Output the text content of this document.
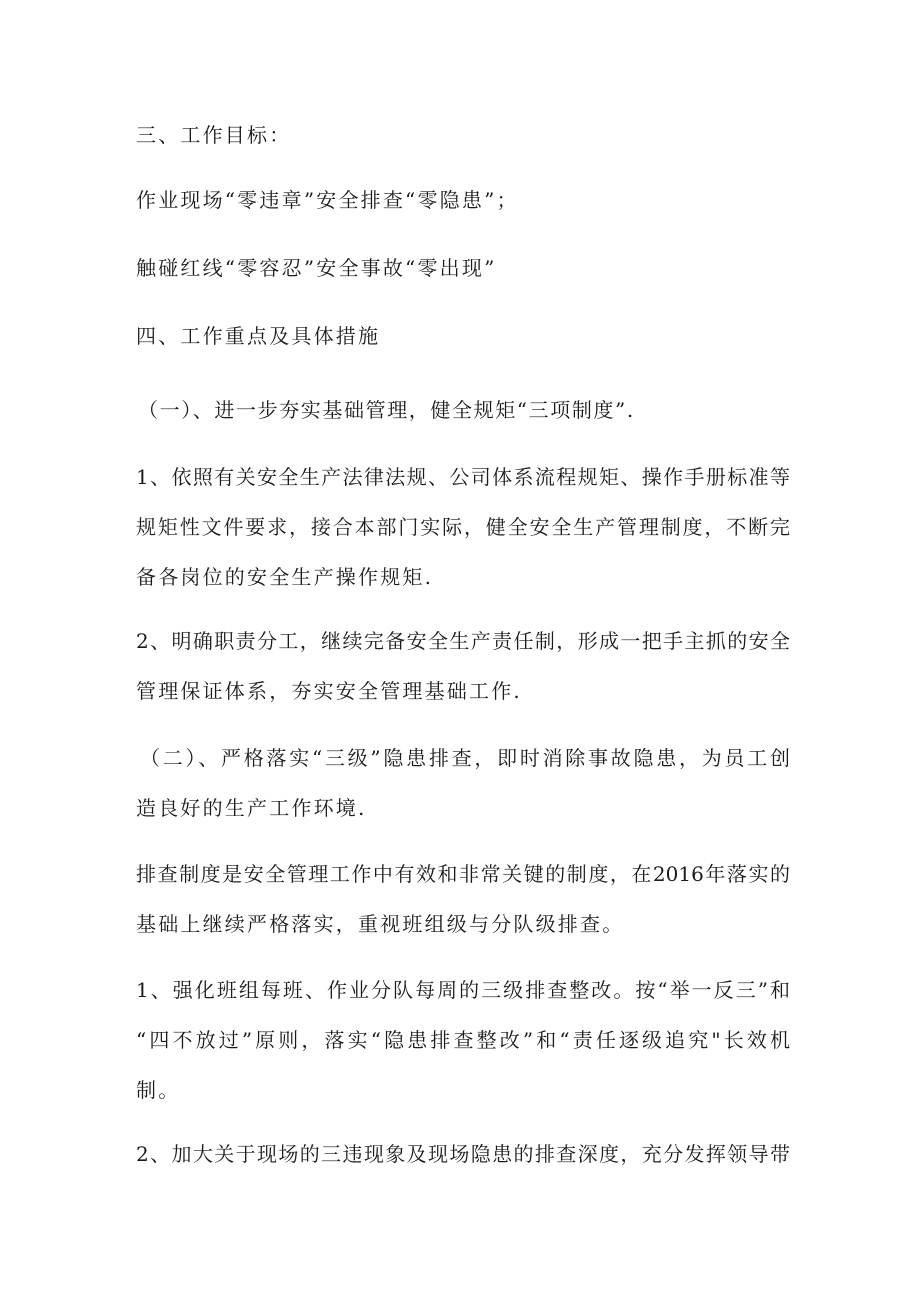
三、工作目标：
作业现场“零违章”安全排查“零隐患”；
触碰红线“零容忍”安全事故“零出现”
四、工作重点及具体措施
（一）、进一步夯实基础管理，健全规矩“三项制度”.
1、依照有关安全生产法律法规、公司体系流程规矩、操作手册标准等
规矩性文件要求，接合本部门实际，健全安全生产管理制度，不断完
备各岗位的安全生产操作规矩.
2、明确职责分工，继续完备安全生产责任制，形成一把手主抓的安全
管理保证体系，夯实安全管理基础工作.
（二）、严格落实“三级”隐患排查，即时消除事故隐患，为员工创
造良好的生产工作环境.
排查制度是安全管理工作中有效和非常关键的制度，在2016年落实的
基础上继续严格落实，重视班组级与分队级排查。
1、强化班组每班、作业分队每周的三级排查整改。按“举一反三”和
“四不放过”原则，落实“隐患排查整改”和“责任逐级追究"长效机
制。
2、加大关于现场的三违现象及现场隐患的排查深度，充分发挥领导带
